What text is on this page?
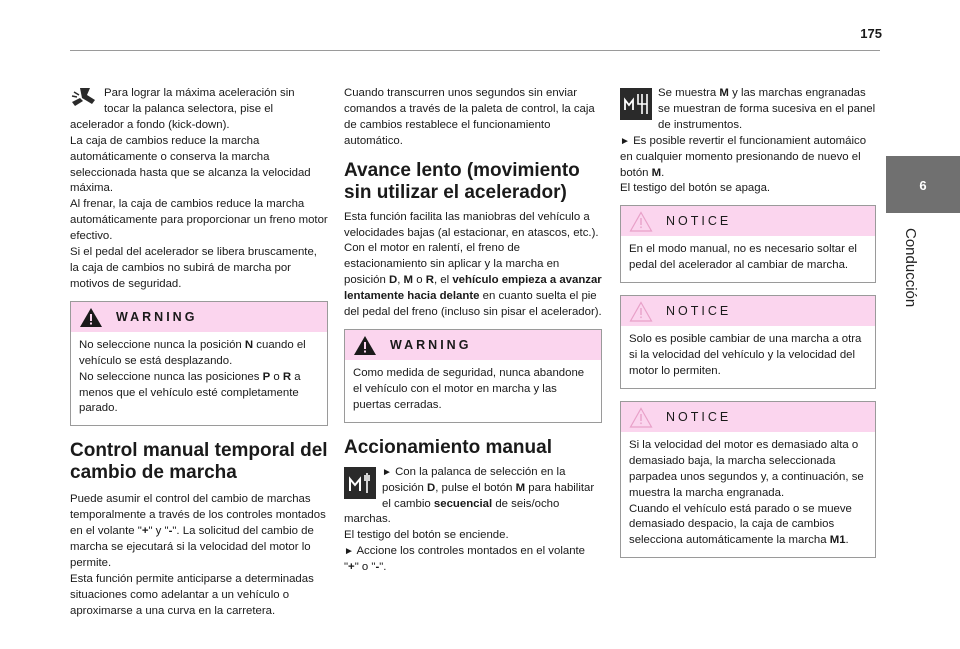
175
6
Conducción

Para lograr la máxima aceleración sin
tocar la palanca selectora, pise el
acelerador a fondo (kick-down).

La caja de cambios reduce la marcha automáticamente o conserva la marcha seleccionada hasta que se alcanza la velocidad máxima.

Al frenar, la caja de cambios reduce la marcha automáticamente para proporcionar un freno motor efectivo.

Si el pedal del acelerador se libera bruscamente, la caja de cambios no subirá de marcha por motivos de seguridad.

WARNING

No seleccione nunca la posición N cuando el vehículo se está desplazando.

No seleccione nunca las posiciones P o R a menos que el vehículo esté completamente parado.

Control manual temporal del cambio de marcha

Puede asumir el control del cambio de marchas temporalmente a través de los controles montados en el volante "+" y "-". La solicitud del cambio de marcha se ejecutará si la velocidad del motor lo permite.

Esta función permite anticiparse a determinadas situaciones como adelantar a un vehículo o aproximarse a una curva en la carretera.

Cuando transcurren unos segundos sin enviar comandos a través de la paleta de control, la caja de cambios restablece el funcionamiento automático.

Avance lento (movimiento sin utilizar el acelerador)

Esta función facilita las maniobras del vehículo a velocidades bajas (al estacionar, en atascos, etc.).

Con el motor en ralentí, el freno de estacionamiento sin aplicar y la marcha en posición D, M o R, el vehículo empieza a avanzar lentamente hacia delante en cuanto suelta el pie del pedal del freno (incluso sin pisar el acelerador).

WARNING

Como medida de seguridad, nunca abandone el vehículo con el motor en marcha y las puertas cerradas.

Accionamiento manual

► Con la palanca de selección en la posición D, pulse el botón M para habilitar el cambio secuencial de seis/ocho marchas.

El testigo del botón se enciende.

► Accione los controles montados en el volante "+" o "-".

Se muestra M y las marchas engranadas se muestran de forma sucesiva en el panel de instrumentos.

► Es posible revertir el funcionamient automáico en cualquier momento presionando de nuevo el botón M.

El testigo del botón se apaga.

NOTICE

En el modo manual, no es necesario soltar el pedal del acelerador al cambiar de marcha.

NOTICE

Solo es posible cambiar de una marcha a otra si la velocidad del vehículo y la velocidad del motor lo permiten.

NOTICE

Si la velocidad del motor es demasiado alta o demasiado baja, la marcha seleccionada parpadea unos segundos y, a continuación, se muestra la marcha engranada.

Cuando el vehículo está parado o se mueve demasiado despacio, la caja de cambios selecciona automáticamente la marcha M1.
